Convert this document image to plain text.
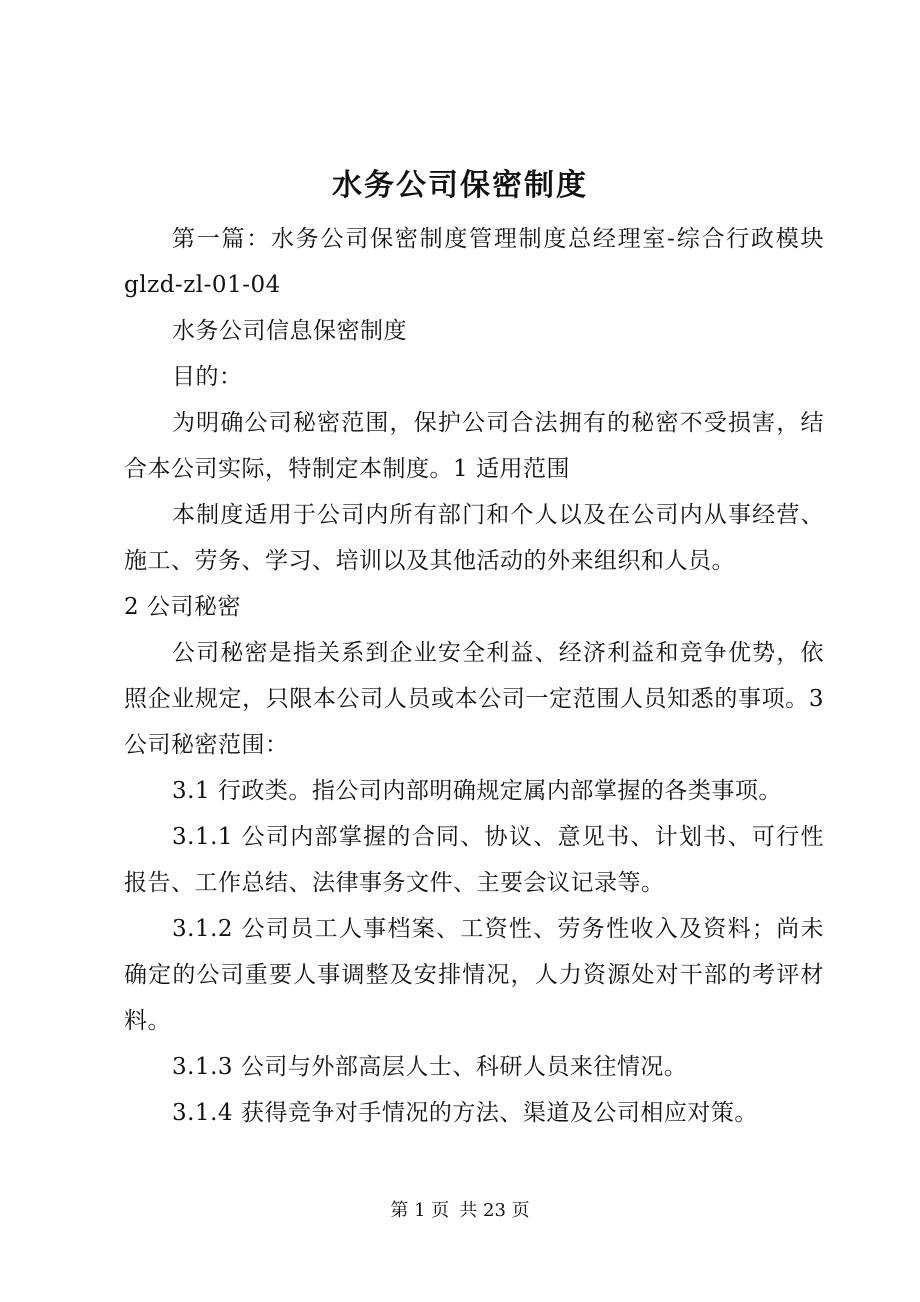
水务公司保密制度

第一篇：水务公司保密制度管理制度总经理室-综合行政模块 glzd-zl-01-04

水务公司信息保密制度

目的：

为明确公司秘密范围，保护公司合法拥有的秘密不受损害，结合本公司实际，特制定本制度。1 适用范围

本制度适用于公司内所有部门和个人以及在公司内从事经营、施工、劳务、学习、培训以及其他活动的外来组织和人员。

2 公司秘密

公司秘密是指关系到企业安全利益、经济利益和竞争优势，依照企业规定，只限本公司人员或本公司一定范围人员知悉的事项。3 公司秘密范围：

3.1 行政类。指公司内部明确规定属内部掌握的各类事项。

3.1.1 公司内部掌握的合同、协议、意见书、计划书、可行性报告、工作总结、法律事务文件、主要会议记录等。

3.1.2 公司员工人事档案、工资性、劳务性收入及资料；尚未确定的公司重要人事调整及安排情况，人力资源处对干部的考评材料。

3.1.3 公司与外部高层人士、科研人员来往情况。

3.1.4 获得竞争对手情况的方法、渠道及公司相应对策。

第 1 页 共 23 页
